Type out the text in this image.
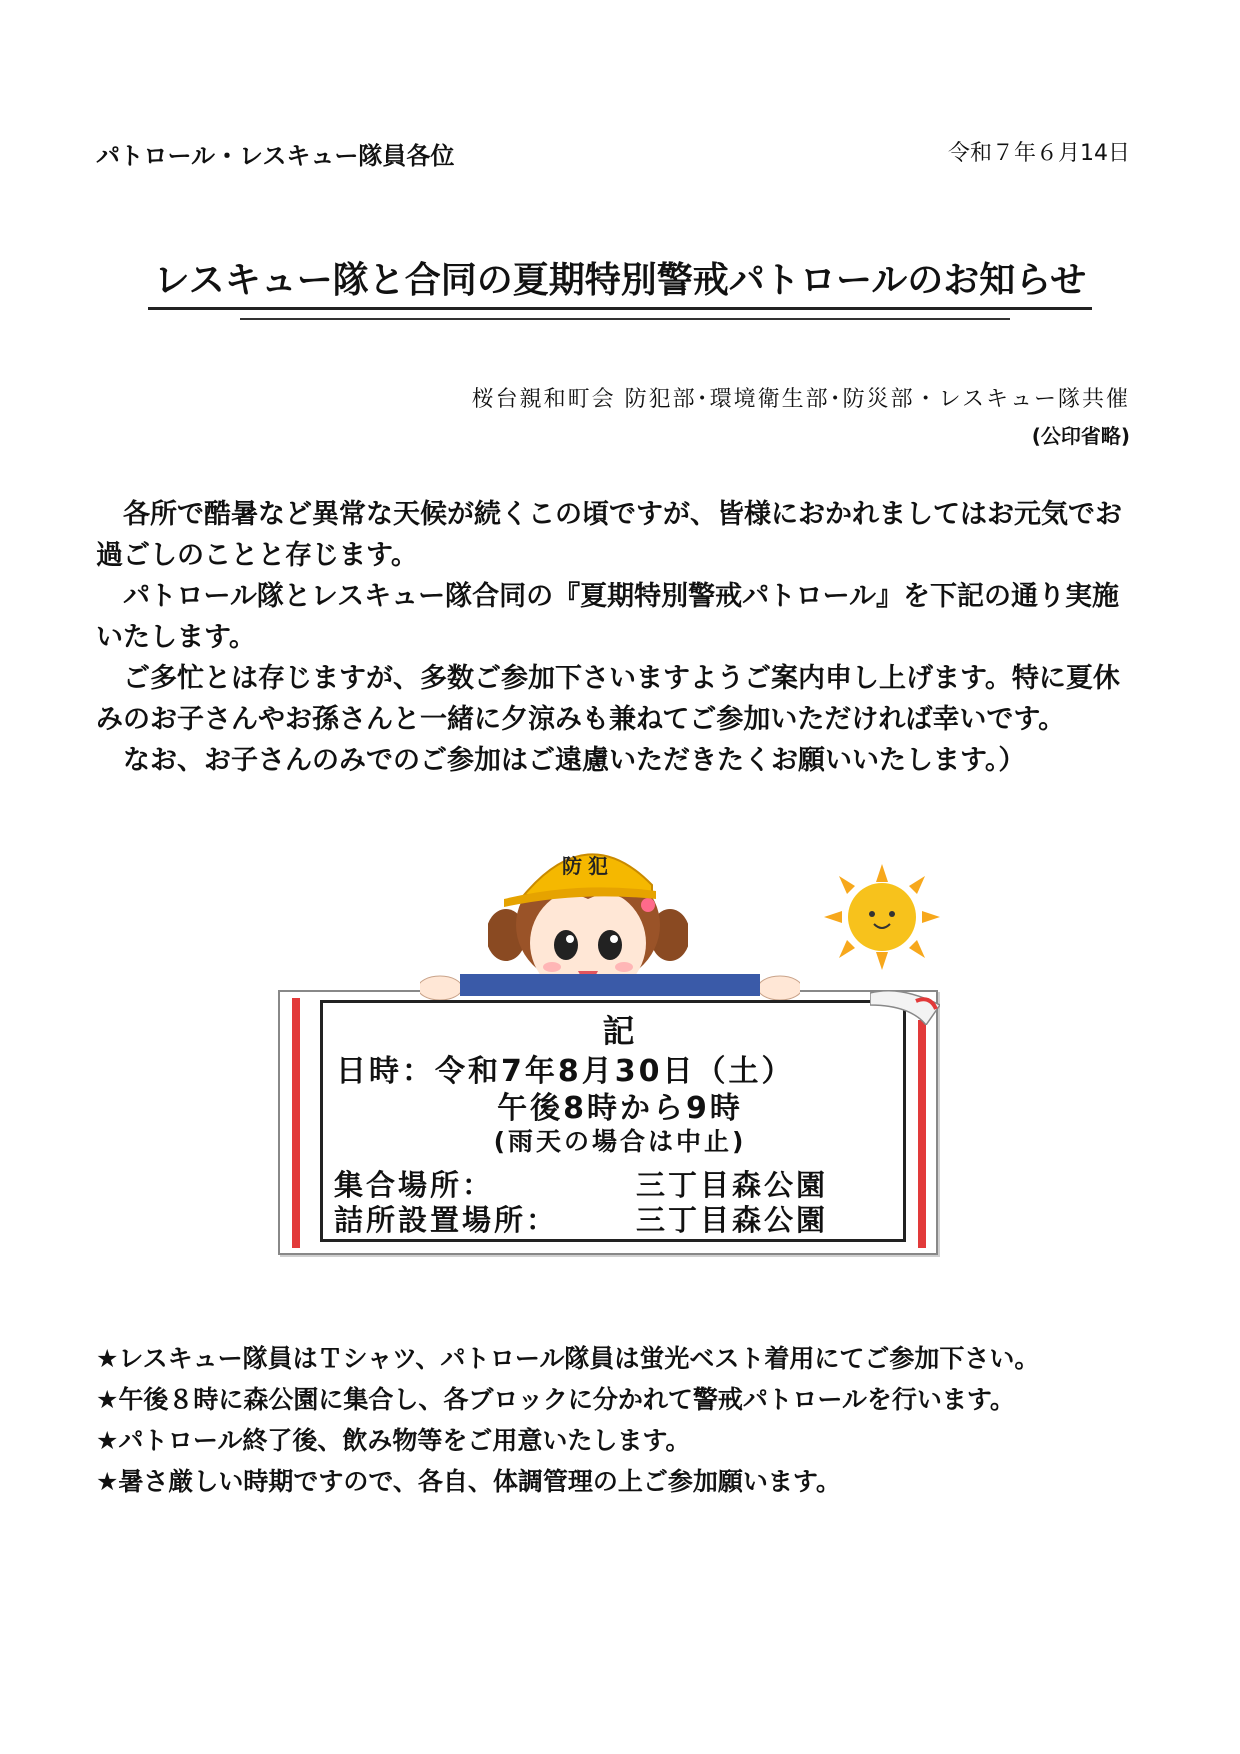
パトロール・レスキュー隊員各位	令和７年６月14日
レスキュー隊と合同の夏期特別警戒パトロールのお知らせ
桜台親和町会 防犯部･環境衛生部･防災部・レスキュー隊共催
(公印省略)

各所で酷暑など異常な天候が続くこの頃ですが、皆様におかれましてはお元気でお過ごしのことと存じます。

パトロール隊とレスキュー隊合同の『夏期特別警戒パトロール』を下記の通り実施いたします。

ご多忙とは存じますが、多数ご参加下さいますようご案内申し上げます。特に夏休みのお子さんやお孫さんと一緒に夕涼みも兼ねてご参加いただければ幸いです。

なお、お子さんのみでのご参加はご遠慮いただきたくお願いいたします。）

防犯
記
日時：令和7年8月30日（土）
午後8時から9時
(雨天の場合は中止)
集合場所：	三丁目森公園
詰所設置場所：	三丁目森公園
★レスキュー隊員はＴシャツ、パトロール隊員は蛍光ベスト着用にてご参加下さい。
★午後８時に森公園に集合し、各ブロックに分かれて警戒パトロールを行います。
★パトロール終了後、飲み物等をご用意いたします。
★暑さ厳しい時期ですので、各自、体調管理の上ご参加願います。
